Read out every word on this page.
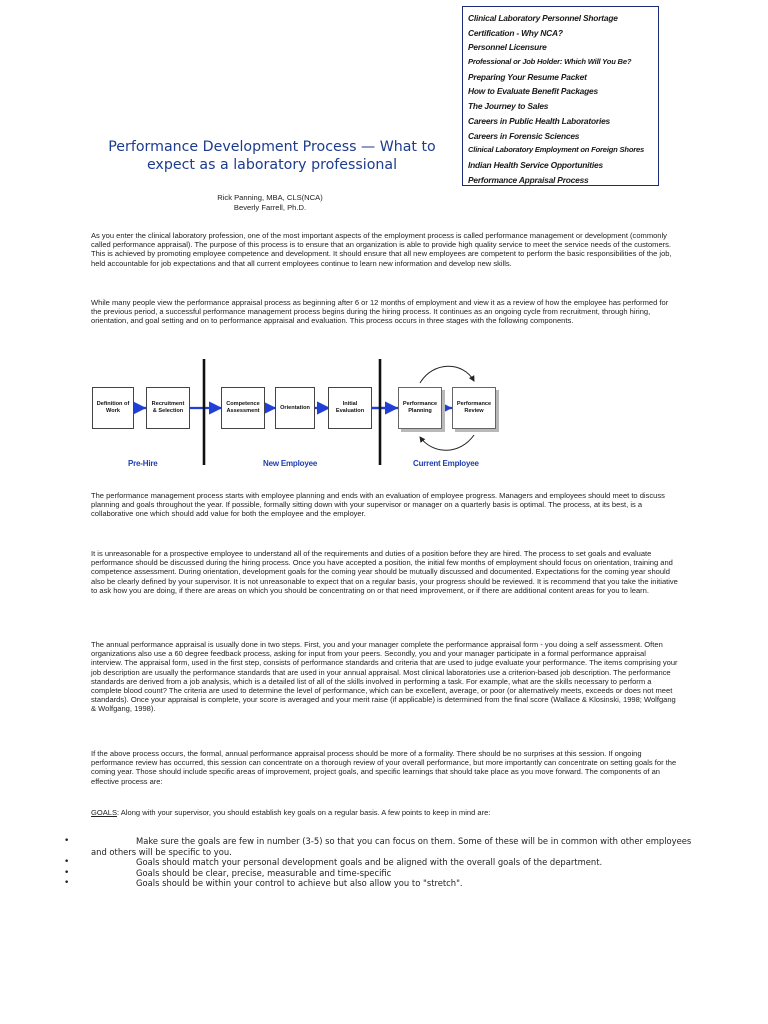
Clinical Laboratory Personnel Shortage
Certification - Why NCA?
Personnel Licensure
Professional or Job Holder: Which Will You Be?
Preparing Your Resume Packet
How to Evaluate Benefit Packages
The Journey to Sales
Careers in Public Health Laboratories
Careers in Forensic Sciences
Clinical Laboratory Employment on Foreign Shores
Indian Health Service Opportunities
Performance Appraisal Process
Performance Development Process — What to expect as a laboratory professional
Rick Panning, MBA, CLS(NCA)
Beverly Farrell, Ph.D.

As you enter the clinical laboratory profession, one of the most important aspects of the employment process is called performance management or development (commonly called performance appraisal). The purpose of this process is to ensure that an organization is able to provide high quality service to meet the service needs of the customers. This is achieved by promoting employee competence and development. It should ensure that all new employees are competent to perform the basic responsibilities of the job, held accountable for job expectations and that all current employees continue to learn new information and develop new skills.

While many people view the performance appraisal process as beginning after 6 or 12 months of employment and view it as a review of how the employee has performed for the previous period, a successful performance management process begins during the hiring process. It continues as an ongoing cycle from recruitment, through hiring, orientation, and goal setting and on to performance appraisal and evaluation. This process occurs in three stages with the following components.

Definition of Work
Recruitment & Selection
Competence Assessment
Orientation
Initial Evaluation
Performance Planning
Performance Review
Pre-Hire	New Employee	Current Employee

The performance management process starts with employee planning and ends with an evaluation of employee progress. Managers and employees should meet to discuss planning and goals throughout the year. If possible, formally sitting down with your supervisor or manager on a quarterly basis is optimal. The process, at its best, is a collaborative one which should add value for both the employee and the employer.

It is unreasonable for a prospective employee to understand all of the requirements and duties of a position before they are hired. The process to set goals and evaluate performance should be discussed during the hiring process. Once you have accepted a position, the initial few months of employment should focus on orientation, training and competence assessment. During orientation, development goals for the coming year should be mutually discussed and documented. Expectations for the coming year should also be clearly defined by your supervisor. It is not unreasonable to expect that on a regular basis, your progress should be reviewed. It is recommend that you take the initiative to ask how you are doing, if there are areas on which you should be concentrating on or that need improvement, or if there are additional content areas for you to learn.

The annual performance appraisal is usually done in two steps. First, you and your manager complete the performance appraisal form - you doing a self assessment. Often organizations also use a 60 degree feedback process, asking for input from your peers. Secondly, you and your manager participate in a formal performance appraisal interview. The appraisal form, used in the first step, consists of performance standards and criteria that are used to judge evaluate your performance. The items comprising your job description are usually the performance standards that are used in your annual appraisal. Most clinical laboratories use a criterion-based job description. The performance standards are derived from a job analysis, which is a detailed list of all of the skills involved in performing a task. For example, what are the skills necessary to perform a complete blood count? The criteria are used to determine the level of performance, which can be excellent, average, or poor (or alternatively meets, exceeds or does not meet standards). Once your appraisal is complete, your score is averaged and your merit raise (if applicable) is determined from the final score (Wallace & Klosinski, 1998; Wolfgang & Wolfgang, 1998).

If the above process occurs, the formal, annual performance appraisal process should be more of a formality. There should be no surprises at this session. If ongoing performance review has occurred, this session can concentrate on a thorough review of your overall performance, but more importantly can concentrate on setting goals for the coming year. Those should include specific areas of improvement, project goals, and specific learnings that should take place as you move forward. The components of an effective process are:

GOALS: Along with your supervisor, you should establish key goals on a regular basis. A few points to keep in mind are:

•	Make sure the goals are few in number (3-5) so that you can focus on them. Some of these will be in common with other employees and others will be specific to you.
•	Goals should match your personal development goals and be aligned with the overall goals of the department.
•	Goals should be clear, precise, measurable and time-specific
•	Goals should be within your control to achieve but also allow you to "stretch".
